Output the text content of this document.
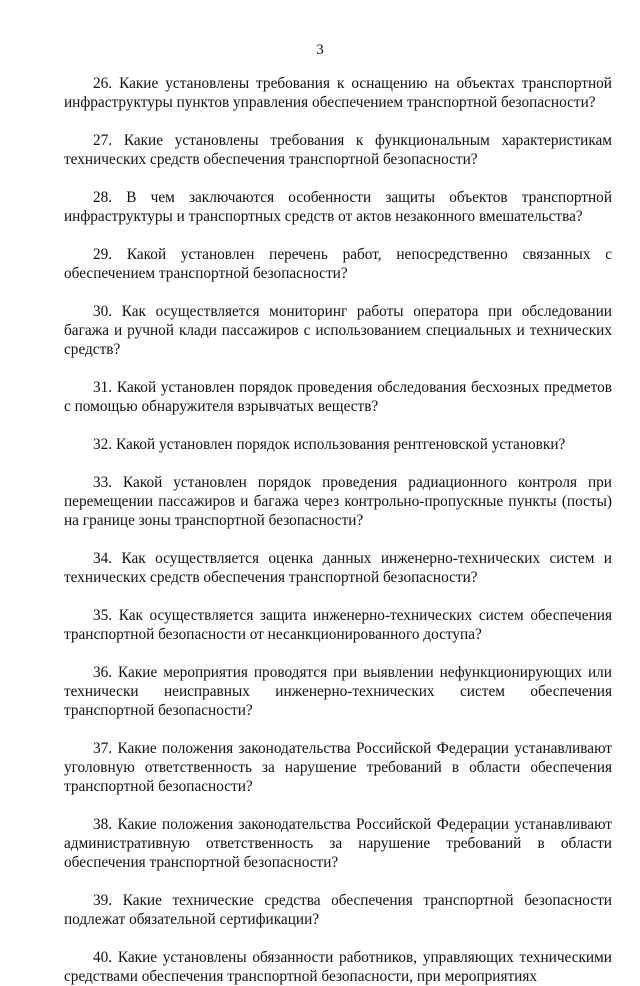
3

26. Какие установлены требования к оснащению на объектах транспортной инфраструктуры пунктов управления обеспечением транспортной безопасности?

27. Какие установлены требования к функциональным характеристикам технических средств обеспечения транспортной безопасности?

28. В чем заключаются особенности защиты объектов транспортной инфраструктуры и транспортных средств от актов незаконного вмешательства?

29. Какой установлен перечень работ, непосредственно связанных с обеспечением транспортной безопасности?

30. Как осуществляется мониторинг работы оператора при обследовании багажа и ручной клади пассажиров с использованием специальных и технических средств?

31. Какой установлен порядок проведения обследования бесхозных предметов с помощью обнаружителя взрывчатых веществ?

32. Какой установлен порядок использования рентгеновской установки?

33. Какой установлен порядок проведения радиационного контроля при перемещении пассажиров и багажа через контрольно-пропускные пункты (посты) на границе зоны транспортной безопасности?

34. Как осуществляется оценка данных инженерно-технических систем и технических средств обеспечения транспортной безопасности?

35. Как осуществляется защита инженерно-технических систем обеспечения транспортной безопасности от несанкционированного доступа?

36. Какие мероприятия проводятся при выявлении нефункционирующих или технически неисправных инженерно-технических систем обеспечения транспортной безопасности?

37. Какие положения законодательства Российской Федерации устанавливают уголовную ответственность за нарушение требований в области обеспечения транспортной безопасности?

38. Какие положения законодательства Российской Федерации устанавливают административную ответственность за нарушение требований в области обеспечения транспортной безопасности?

39. Какие технические средства обеспечения транспортной безопасности подлежат обязательной сертификации?

40. Какие установлены обязанности работников, управляющих техническими средствами обеспечения транспортной безопасности, при мероприятиях
